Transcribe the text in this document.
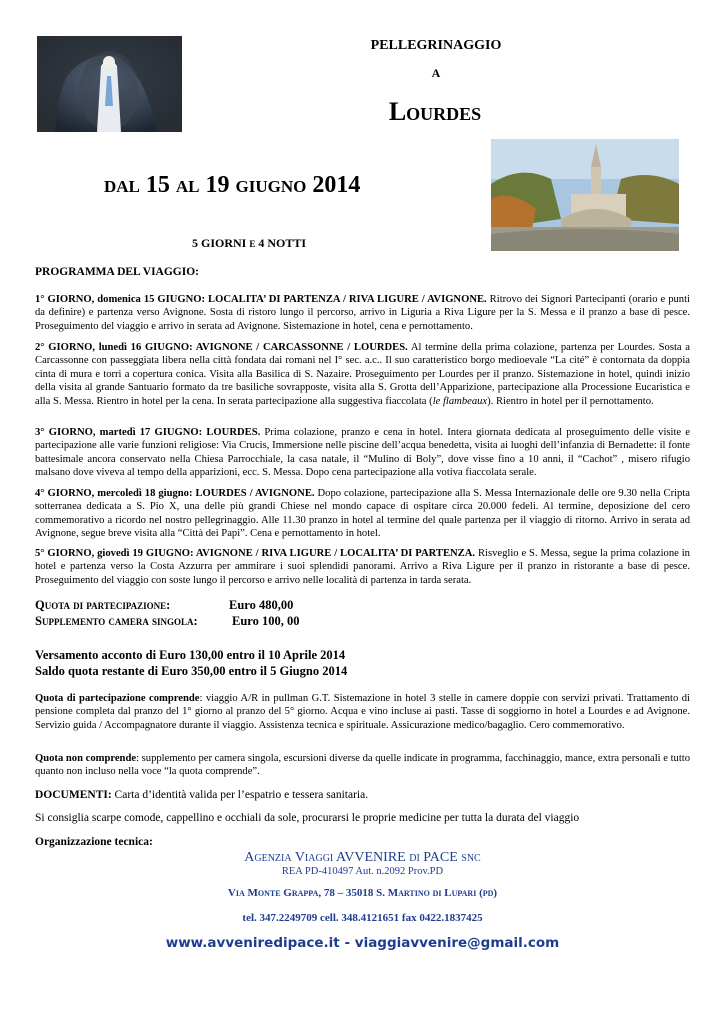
PELLEGRINAGGIO
A
Lourdes
dal 15 al 19 giugno 2014
5 GIORNI E 4 NOTTI
PROGRAMMA DEL VIAGGIO:
1° GIORNO, domenica 15 GIUGNO: LOCALITA’ DI PARTENZA / RIVA LIGURE / AVIGNONE. Ritrovo dei Signori Partecipanti (orario e punti da definire) e partenza verso Avignone. Sosta di ristoro lungo il percorso, arrivo in Liguria a Riva Ligure per la S. Messa e il pranzo a base di pesce. Proseguimento del viaggio e arrivo in serata ad Avignone. Sistemazione in hotel, cena e pernottamento.
2° GIORNO, lunedì 16 GIUGNO: AVIGNONE / CARCASSONNE / LOURDES. Al termine della prima colazione, partenza per Lourdes. Sosta a Carcassonne con passeggiata libera nella città fondata dai romani nel I° sec. a.c.. Il suo caratteristico borgo medioevale “La cité” è contornata da doppia cinta di mura e torri a copertura conica. Visita alla Basilica di S. Nazaire. Proseguimento per Lourdes per il pranzo. Sistemazione in hotel, quindi inizio della visita al grande Santuario formato da tre basiliche sovrapposte, visita alla S. Grotta dell’Apparizione, partecipazione alla Processione Eucaristica e alla S. Messa. Rientro in hotel per la cena. In serata partecipazione alla suggestiva fiaccolata (le flambeaux). Rientro in hotel per il pernottamento.
3° GIORNO, martedì 17 GIUGNO: LOURDES. Prima colazione, pranzo e cena in hotel. Intera giornata dedicata al proseguimento delle visite e partecipazione alle varie funzioni religiose: Via Crucis, Immersione nelle piscine dell’acqua benedetta, visita ai luoghi dell’infanzia di Bernadette: il fonte battesimale ancora conservato nella Chiesa Parrocchiale, la casa natale, il “Mulino di Boly”, dove visse fino a 10 anni, il “Cachot” , misero rifugio malsano dove viveva al tempo della apparizioni, ecc. S. Messa. Dopo cena partecipazione alla votiva fiaccolata serale.
4° GIORNO, mercoledì 18 giugno: LOURDES / AVIGNONE. Dopo colazione, partecipazione alla S. Messa Internazionale delle ore 9.30 nella Cripta sotterranea dedicata a S. Pio X, una delle più grandi Chiese nel mondo capace di ospitare circa 20.000 fedeli. Al termine, deposizione del cero commemorativo a ricordo nel nostro pellegrinaggio. Alle 11.30 pranzo in hotel al termine del quale partenza per il viaggio di ritorno. Arrivo in serata ad Avignone, segue breve visita alla “Città dei Papi”. Cena e pernottamento in hotel.
5° GIORNO, giovedì 19 GIUGNO: AVIGNONE / RIVA LIGURE / LOCALITA’ DI PARTENZA. Risveglio e S. Messa, segue la prima colazione in hotel e partenza verso la Costa Azzurra per ammirare i suoi splendidi panorami. Arrivo a Riva Ligure per il pranzo in ristorante a base di pesce. Proseguimento del viaggio con soste lungo il percorso e arrivo nelle località di partenza in tarda serata.
Quota di partecipazione:	Euro 480,00
Supplemento camera singola:	Euro 100, 00
Versamento acconto di Euro 130,00 entro il 10 Aprile 2014
Saldo quota restante di Euro 350,00 entro il 5 Giugno 2014
Quota di partecipazione comprende: viaggio A/R in pullman G.T. Sistemazione in hotel 3 stelle in camere doppie con servizi privati. Trattamento di pensione completa dal pranzo del 1° giorno al pranzo del 5° giorno. Acqua e vino incluse ai pasti. Tasse di soggiorno in hotel a Lourdes e ad Avignone. Servizio guida / Accompagnatore durante il viaggio. Assistenza tecnica e spirituale. Assicurazione medico/bagaglio. Cero commemorativo.
Quota non comprende: supplemento per camera singola, escursioni diverse da quelle indicate in programma, facchinaggio, mance, extra personali e tutto quanto non incluso nella voce “la quota comprende”.
DOCUMENTI: Carta d’identità valida per l’espatrio e tessera sanitaria.
Si consiglia scarpe comode, cappellino e occhiali da sole, procurarsi le proprie medicine per tutta la durata del viaggio
Organizzazione tecnica:
Agenzia Viaggi AVVENIRE di PACE snc
REA PD-410497 Aut. n.2092 Prov.PD
Via Monte Grappa, 78 – 35018 S. Martino di Lupari (pd)
tel. 347.2249709 cell. 348.4121651 fax 0422.1837425
www.avveniredipace.it - viaggiavvenire@gmail.com
